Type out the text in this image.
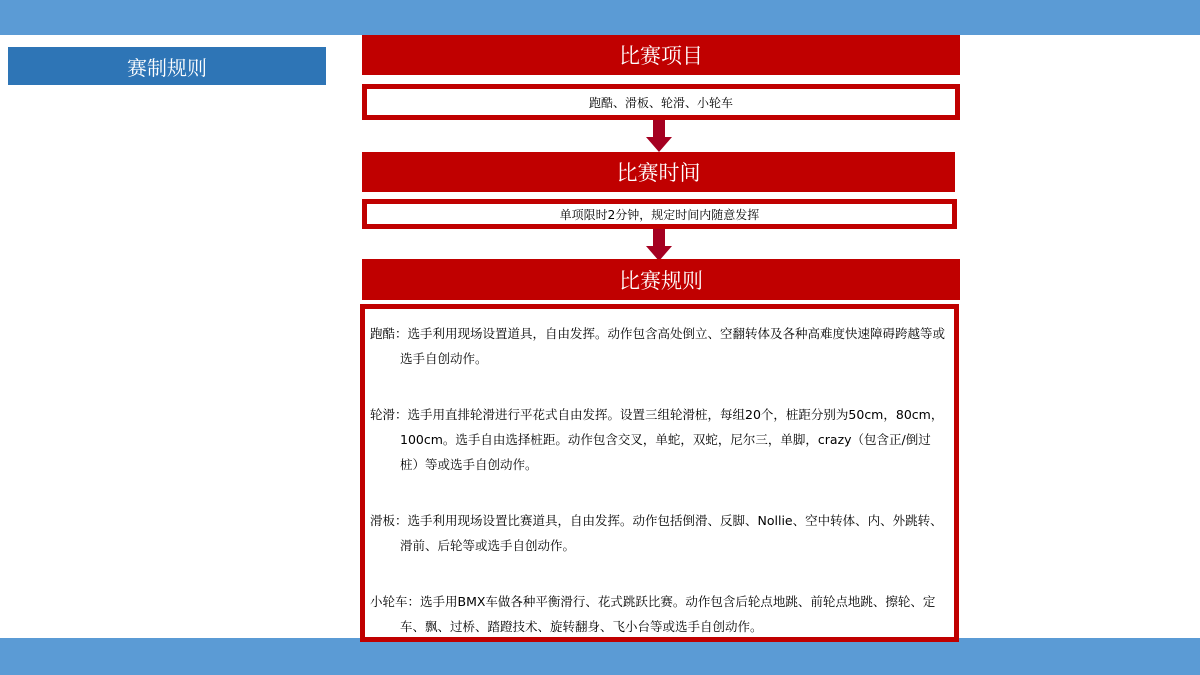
赛制规则	比赛项目
跑酷、滑板、轮滑、小轮车
比赛时间
单项限时2分钟，规定时间内随意发挥
比赛规则
跑酷：选手利用现场设置道具，自由发挥。动作包含高处倒立、空翻转体及各种高难度快速障碍跨越等或选手自创动作。
轮滑：选手用直排轮滑进行平花式自由发挥。设置三组轮滑桩，每组20个，桩距分别为50cm，80cm，100cm。选手自由选择桩距。动作包含交叉，单蛇，双蛇，尼尔三，单脚，crazy（包含正/倒过桩）等或选手自创动作。
滑板：选手利用现场设置比赛道具，自由发挥。动作包括倒滑、反脚、Nollie、空中转体、内、外跳转、滑前、后轮等或选手自创动作。
小轮车：选手用BMX车做各种平衡滑行、花式跳跃比赛。动作包含后轮点地跳、前轮点地跳、擦轮、定车、飘、过桥、踏蹬技术、旋转翻身、飞小台等或选手自创动作。
